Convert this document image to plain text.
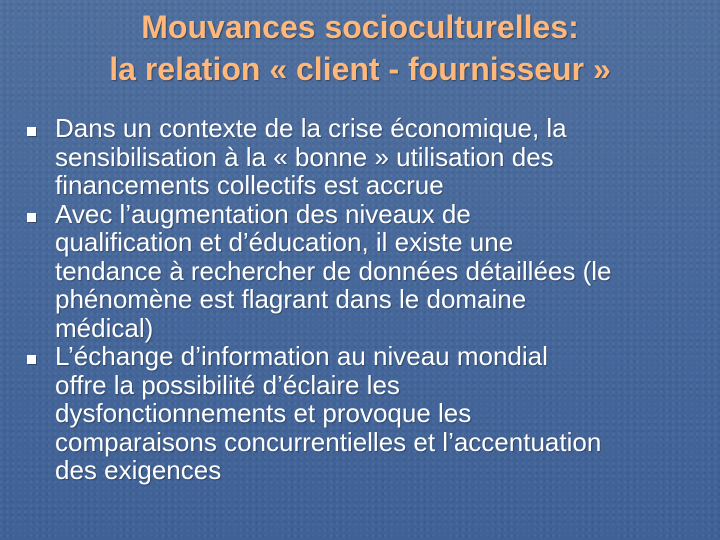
Mouvances socioculturelles:
la relation « client - fournisseur »
Dans un contexte de la crise économique, la
sensibilisation à la « bonne » utilisation des
financements collectifs est accrue
Avec l’augmentation des niveaux de
qualification et d’éducation, il existe une
tendance à rechercher de données détaillées (le
phénomène est flagrant dans le domaine
médical)
L’échange d’information au niveau mondial
offre la possibilité d’éclaire les
dysfonctionnements et provoque les
comparaisons concurrentielles et l’accentuation
des exigences
